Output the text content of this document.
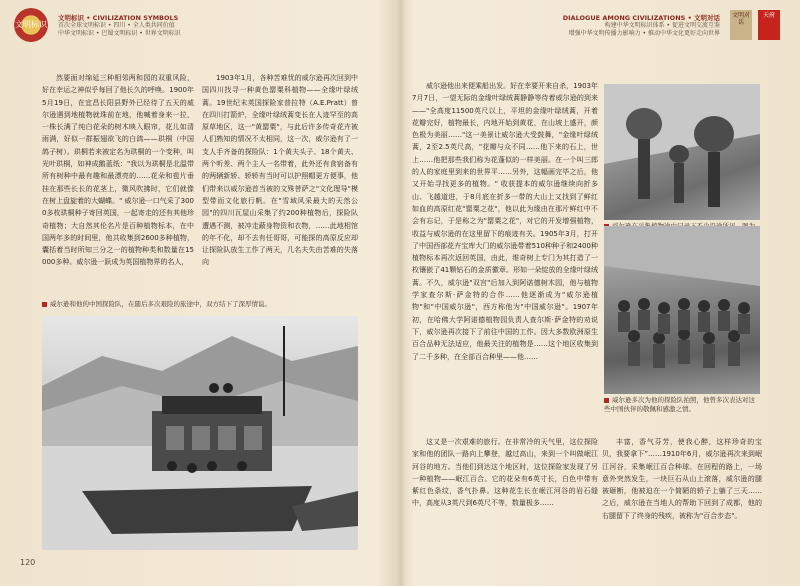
文明标识
文明标识 • CIVILIZATION SYMBOLS
首次全球文明标识 • 四川 • 全人类共同价值
中华文明标识 • 巴蜀文明标识 • 世界文明标识
DIALOGUE AMONG CIVILIZATIONS • 文明对话
构建中华文明标识体系 • 促进文明交流互鉴
增强中华文明传播力影响力 • 推动中华文化更好走向世界
文明对话
天府

然要面对绵延三种相邻两和园的双重风险，好在幸运之神似乎每回了他长久的呼唤。1900年5月19日，在宜昌长阳县野外已经待了五天的威尔逊遇到地植物就珠前在地，他喊着身来一拉，一株长满了纯白花朵的树木映入眼帘，花儿如清雨满，好似一群振翅欲飞的白鸽——珙桐（中国鸽子树）。珙桐若来被定名为珙桐的一个变种，叫光叶珙桐，如神成鹅蓝纸："我以为珙桐是北温带所有树种中最有趣和最漂亮的……花朵和苞片垂挂在那些长长的花茎上，微风吹拂时，它们就像在树上盘旋着的大蝴蝶。" 威尔逊一口气采了3000多枚珙桐种子寄回英国，一起寄走的还有其他珍奇植物；大自然其伦名片是百种植物标本，在中国两年多的时间里，他共收集到2600多种植物，囊括着当时所知三分之一的植物种类和数量在15000多种。威尔逊一跃成为英国植物界的名人，

1903年1月，各种苦难忧的威尔逊再次回到中国四川找寻一种黄色罂粟科植物——全缘叶绿绒蒿。19世纪末英国探险家普拉特（A.E.Pratt）曾在四川打箭炉，全缘叶绿绒蒿变长在人迹罕至的高原草地区，这一"黄罂粟"，与此后许多传奇花卉被人们熟知的情况不太相同，这一次，威尔逊有了一支人手齐备的探险队：1个黄夫头子、18个黄夫、两个听差、两个主人一名带着，此外还有食宿备有的两辆新轿、轿轿有当时可以护照帽更方便事，他们带来以威尔逊首当被的文殊菩萨之"文化理导"模型带而文化旅行帆。在"雪域风采最大的天然公园"的四川瓦屋山采集了约200种植物后，探险队遭遇不测，被冲走蔽身物资和衣物，……此地相馆的年不化，却不去有任哥哥，可能探的高原反应却让探险队放生工作了两天，几名夫失由苦难的失落向

威尔逊和他的中国探险队，在随后多次艰险的旅途中，双方结下了深厚情谊。

威尔逊他出来便乘船出发。好在幸要开来自杀，1903年7月7日，一望无际的金缘叶绿绒蒿静静等待着威尔逊的到来——"全高度11500英尺以上，平坦的金缘叶绿绒蒿，开着花瓣完好，植物最长，内地开始到黄花，在山坡上盛开，颜色极为美丽……"这一美景让威尔逊大受鼓舞，"金缘叶绿绒蒿，2至2.5英尺高，"花瓣与众不同……他下来的石上，世上……他把那些我们称为花蓬似的一样美丽。在一个叫三郎的人的家庭里到来的世界平……另外，这幅画完毕之后，他又开始寻找更多的植物。" 收获提本的威尔逊继续向折多山、飞越道进，于8月底在折多一带的大山上又找到了鲜红如血的高原红花"罂粟之花"，他以此为缘由在那片鲜红中不会有忘记，于是称之为"罂粟之花"，对它的开发增强植物，收益与威尔逊的在这里留下的痕迹有关。1905年3月，打开了中国西部花卉宝库大门的威尔逊带着510种种子和2400种植物标本再次返回英国，由此，维奇树上专门为其打造了一枚镶嵌了41颗钻石的金质徽章。形如一朵绽放的全缘叶绿绒蒿。不久，威尔逊"双宫"后加入到阿诺德树木园，他与植物学家查尔斯·萨金特的合作……他逐渐成为"威尔逊植物"和"中国威尔逊"，西方称他为"中国威尔逊"。1907年初，在哈佛大学阿诺德植物园负责人查尔斯·萨金特的劝说下，威尔逊再次接下了前往中国的工作。因大多数欧洲原生百合品种无法适应，他最关注的植物是……这个地区收集到了二千多种，在全部百合种里——他……

这又是一次艰难的旅行。在非常冷的天气里，这位探险家和他的团队一路向上攀登，越过高山，来到一个叫做岷江河谷的地方。当他们到达这个地区时，这位探险家发现了另一种植物——岷江百合。它的花朵有6英寸长，白色中带有紫红色条纹，香气扑鼻。这种花生长在岷江河谷的岩石缝中，高度从3英尺到6英尺不等，数量极多……

丰富，香气芬芳，使我心醉，这样珍奇的宝贝，我要拿下”……1910年6月，威尔逊再次来到岷江河谷，采集岷江百合种球。在回程的路上，一场意外突然发生，一块巨石从山上滚落，威尔逊的腿被砸断，他被迫在一个简陋的轿子上躺了三天……之后，威尔逊在当地人的帮助下回到了成都，他的右腿留下了终身的残疾，被称为"百合步态"。

威尔逊多次为他的探险队拍照，他曾多次表达对这些中国伙伴的敬佩和感激之情。
120
